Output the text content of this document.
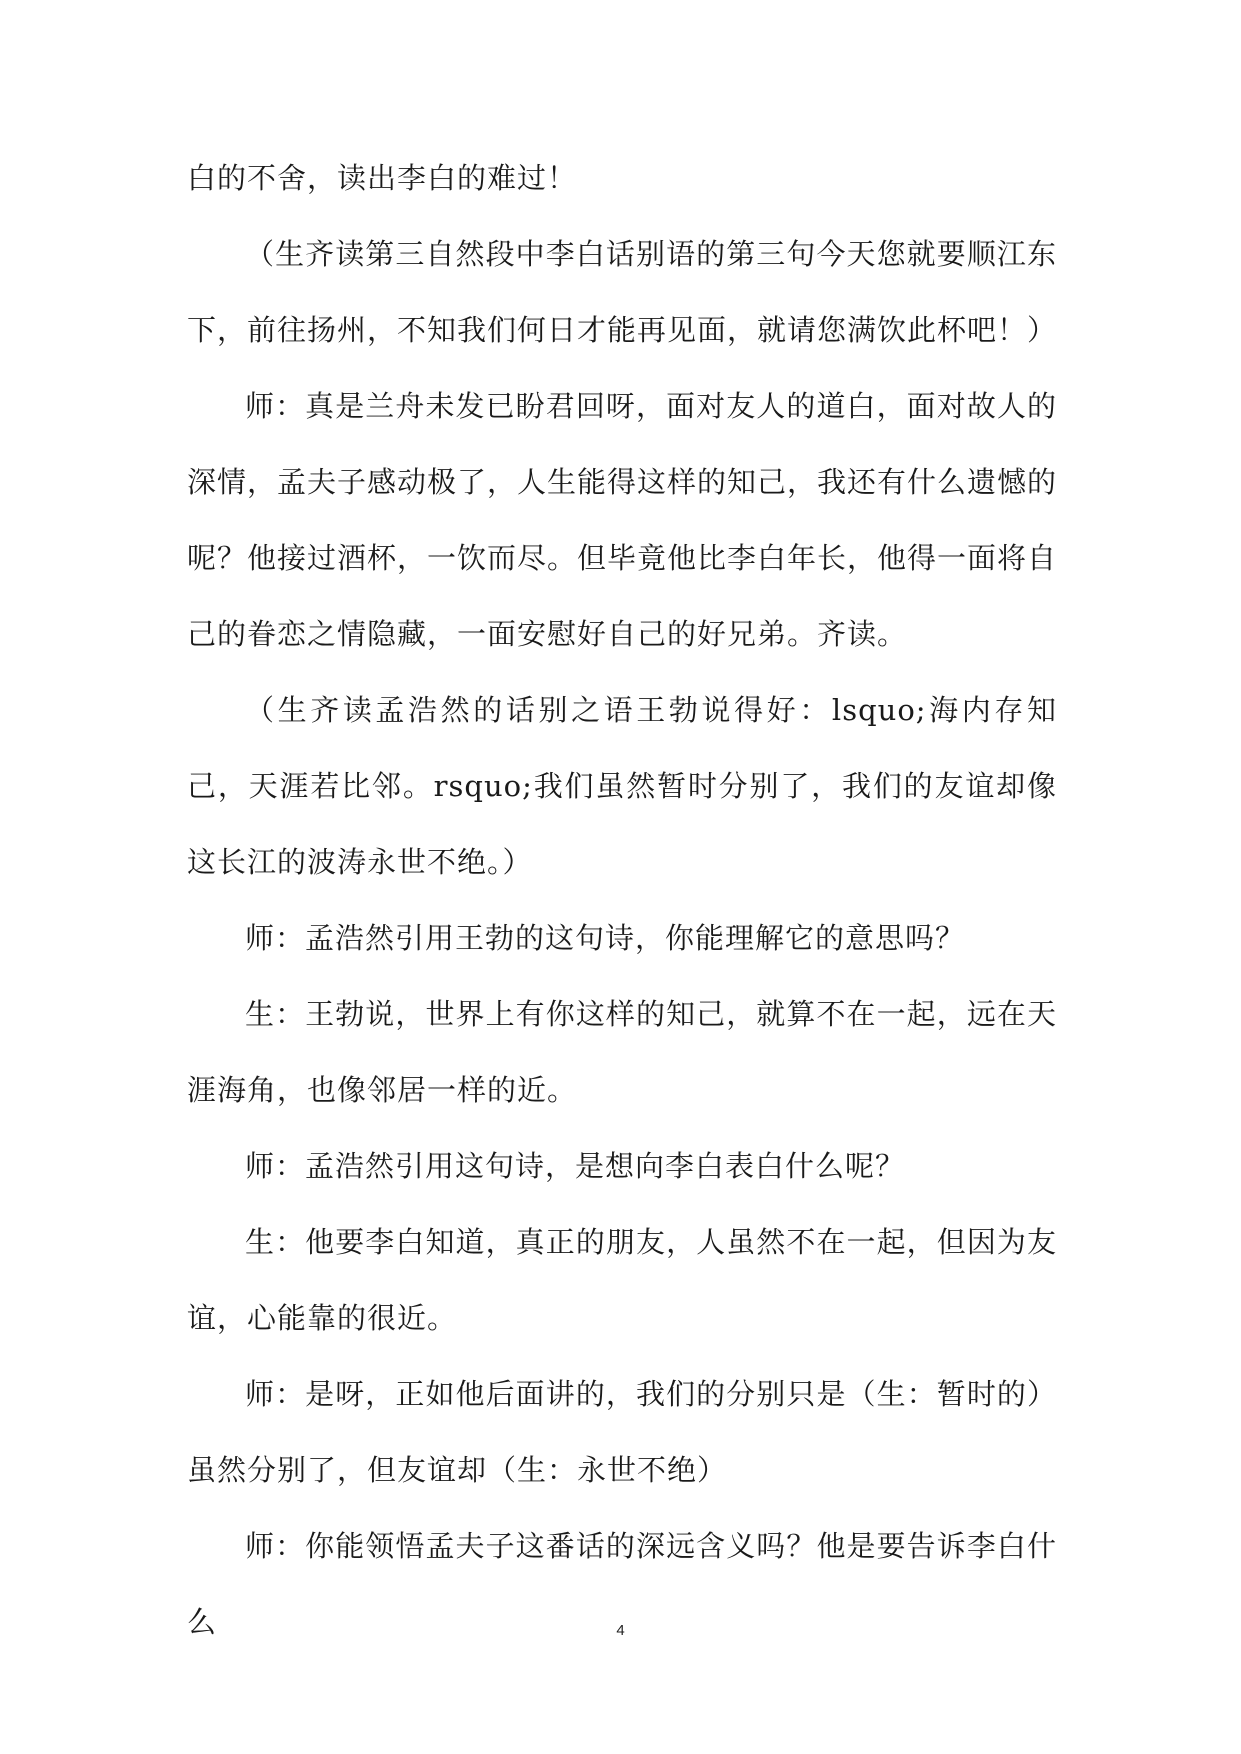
白的不舍，读出李白的难过！

（生齐读第三自然段中李白话别语的第三句今天您就要顺江东下，前往扬州，不知我们何日才能再见面，就请您满饮此杯吧！）

师：真是兰舟未发已盼君回呀，面对友人的道白，面对故人的深情，孟夫子感动极了，人生能得这样的知己，我还有什么遗憾的呢？他接过酒杯，一饮而尽。但毕竟他比李白年长，他得一面将自己的眷恋之情隐藏，一面安慰好自己的好兄弟。齐读。

（生齐读孟浩然的话别之语王勃说得好：lsquo;海内存知己，天涯若比邻。rsquo;我们虽然暂时分别了，我们的友谊却像这长江的波涛永世不绝。）

师：孟浩然引用王勃的这句诗，你能理解它的意思吗？

生：王勃说，世界上有你这样的知己，就算不在一起，远在天涯海角，也像邻居一样的近。

师：孟浩然引用这句诗，是想向李白表白什么呢？

生：他要李白知道，真正的朋友，人虽然不在一起，但因为友谊，心能靠的很近。

师：是呀，正如他后面讲的，我们的分别只是（生：暂时的）虽然分别了，但友谊却（生：永世不绝）

师：你能领悟孟夫子这番话的深远含义吗？他是要告诉李白什么	4
